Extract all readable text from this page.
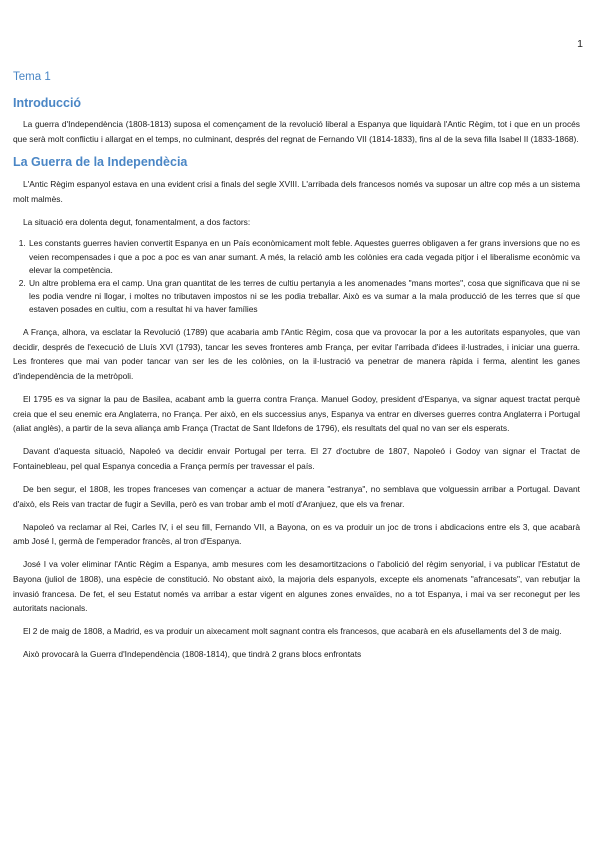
1
Tema 1
Introducció

La guerra d'Independència (1808-1813) suposa el començament de la revolució liberal a Espanya que liquidarà l'Antic Règim, tot i que en un procés que serà molt conflictiu i allargat en el temps, no culminant, després del regnat de Fernando VII (1814-1833), fins al de la seva filla Isabel II (1833-1868).

La Guerra de la Independècia

L'Antic Règim espanyol estava en una evident crisi a finals del segle XVIII. L'arribada dels francesos només va suposar un altre cop més a un sistema molt malmès.

La situació era dolenta degut, fonamentalment, a dos factors:

1. Les constants guerres havien convertit Espanya en un País econòmicament molt feble. Aquestes guerres obligaven a fer grans inversions que no es veien recompensades i que a poc a poc es van anar sumant. A més, la relació amb les colònies era cada vegada pitjor i el liberalisme econòmic va elevar la competència.
2. Un altre problema era el camp. Una gran quantitat de les terres de cultiu pertanyia a les anomenades "mans mortes", cosa que significava que ni se les podia vendre ni llogar, i moltes no tributaven impostos ni se les podia treballar. Això es va sumar a la mala producció de les terres que sí que estaven posades en cultiu, com a resultat hi va haver famílies

A França, alhora, va esclatar la Revolució (1789) que acabaria amb l'Antic Règim, cosa que va provocar la por a les autoritats espanyoles, que van decidir, després de l'execució de Lluís XVI (1793), tancar les seves fronteres amb França, per evitar l'arribada d'idees il·lustrades, i iniciar una guerra. Les fronteres que mai van poder tancar van ser les de les colònies, on la il·lustració va penetrar de manera ràpida i ferma, alentint les ganes d'independència de la metròpoli.

El 1795 es va signar la pau de Basilea, acabant amb la guerra contra França. Manuel Godoy, president d'Espanya, va signar aquest tractat perquè creia que el seu enemic era Anglaterra, no França. Per això, en els successius anys, Espanya va entrar en diverses guerres contra Anglaterra i Portugal (aliat anglès), a partir de la seva aliança amb França (Tractat de Sant Ildefons de 1796), els resultats del qual no van ser els esperats.

Davant d'aquesta situació, Napoleó va decidir envair Portugal per terra. El 27 d'octubre de 1807, Napoleó i Godoy van signar el Tractat de Fontainebleau, pel qual Espanya concedia a França permís per travessar el país.

De ben segur, el 1808, les tropes franceses van començar a actuar de manera "estranya", no semblava que volguessin arribar a Portugal. Davant d'això, els Reis van tractar de fugir a Sevilla, però es van trobar amb el motí d'Aranjuez, que els va frenar.

Napoleó va reclamar al Rei, Carles IV, i el seu fill, Fernando VII, a Bayona, on es va produir un joc de trons i abdicacions entre els 3, que acabarà amb José I, germà de l'emperador francès, al tron d'Espanya.

José I va voler eliminar l'Antic Règim a Espanya, amb mesures com les desamortitzacions o l'abolició del règim senyorial, i va publicar l'Estatut de Bayona (juliol de 1808), una espècie de constitució. No obstant això, la majoria dels espanyols, excepte els anomenats "afrancesats", van rebutjar la invasió francesa. De fet, el seu Estatut només va arribar a estar vigent en algunes zones envaïdes, no a tot Espanya, i mai va ser reconegut per les autoritats nacionals.

El 2 de maig de 1808, a Madrid, es va produir un aixecament molt sagnant contra els francesos, que acabarà en els afusellaments del 3 de maig.

Això provocarà la Guerra d'Independència (1808-1814), que tindrà 2 grans blocs enfrontats
